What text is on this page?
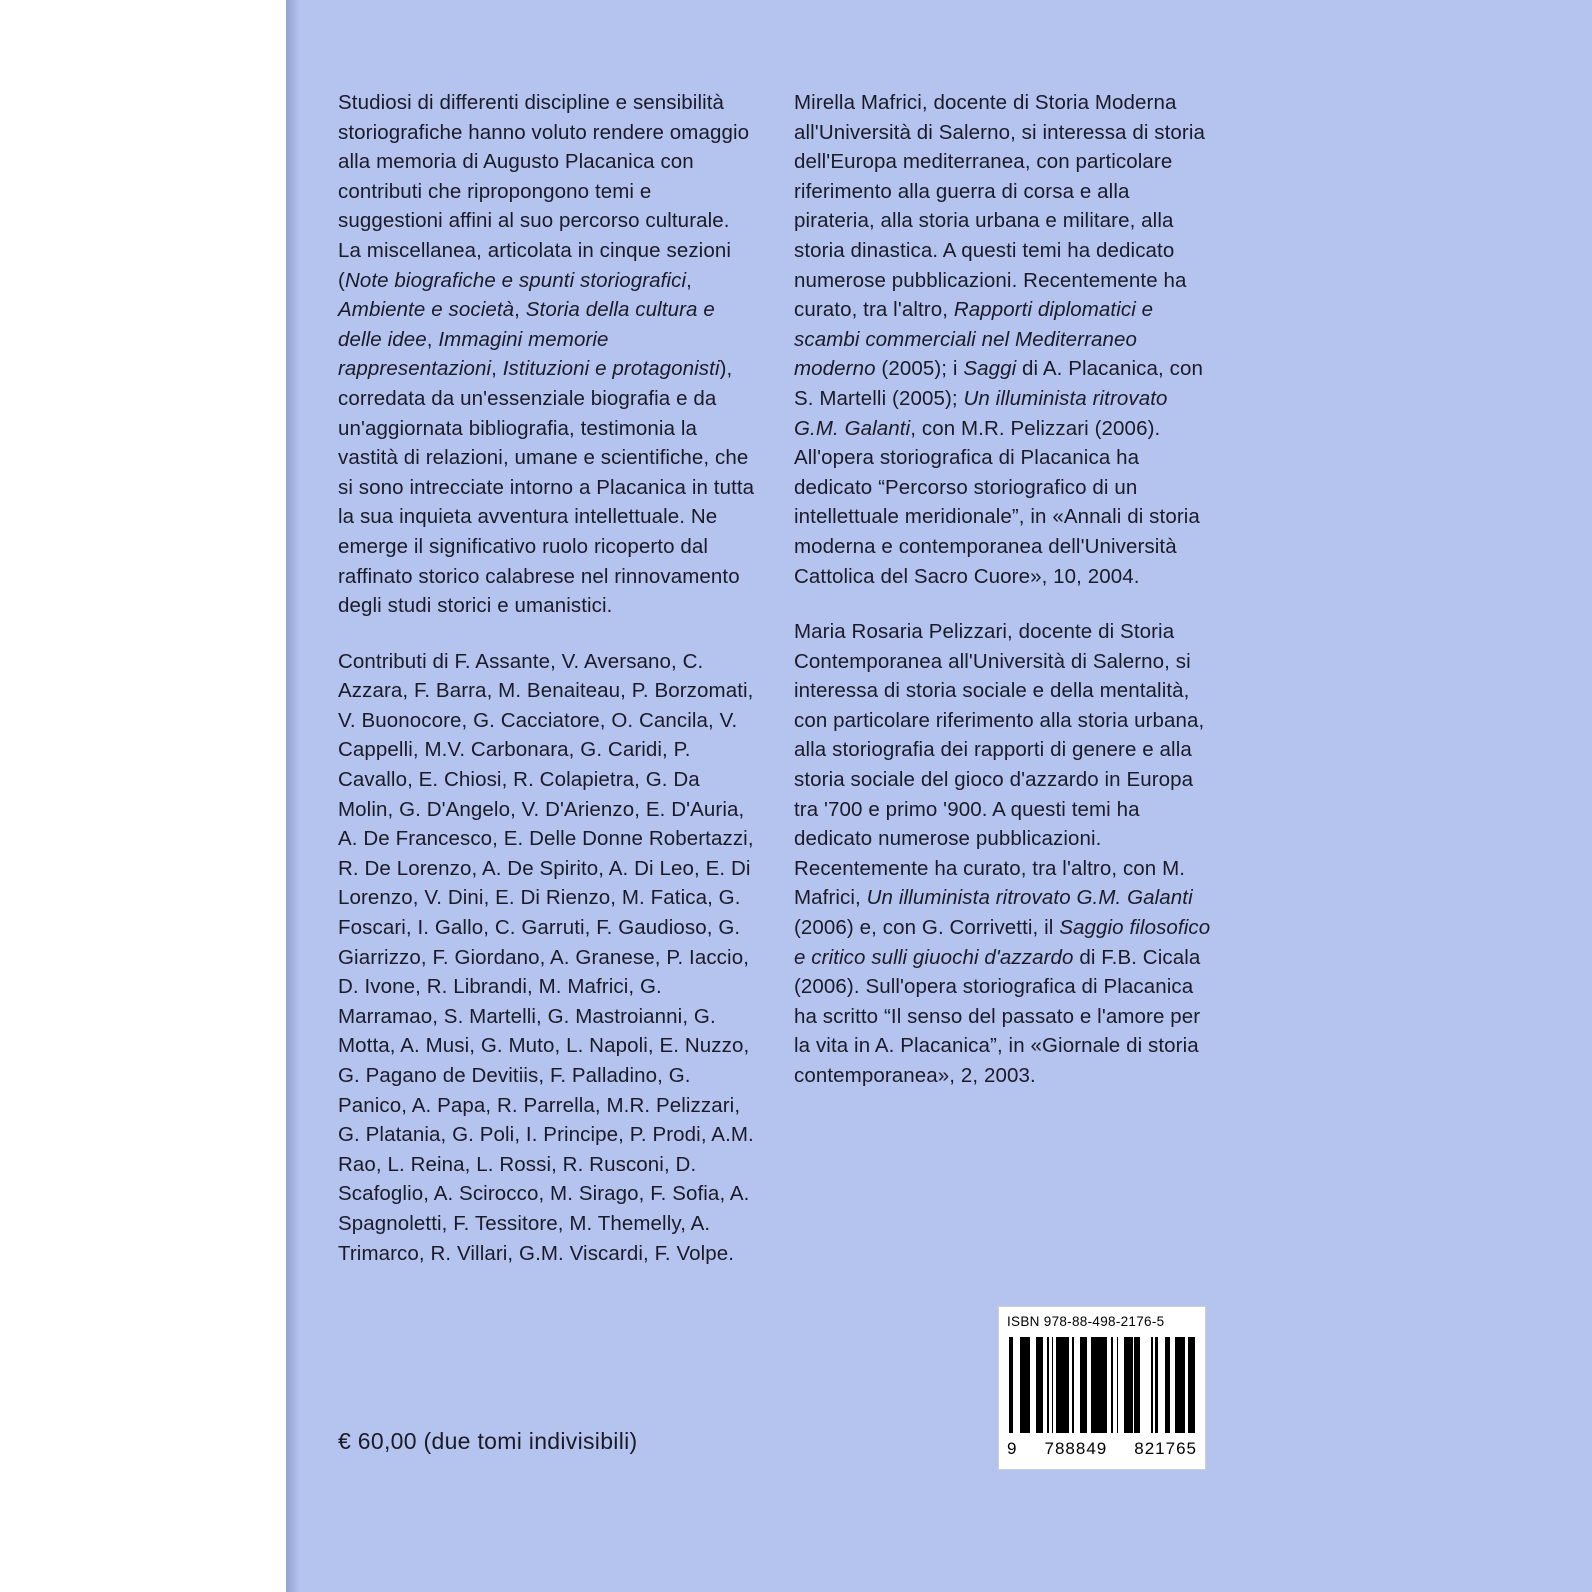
Studiosi di differenti discipline e sensibilità storiografiche hanno voluto rendere omaggio alla memoria di Augusto Placanica con contributi che ripropongono temi e suggestioni affini al suo percorso culturale. La miscellanea, articolata in cinque sezioni (Note biografiche e spunti storiografici, Ambiente e società, Storia della cultura e delle idee, Immagini memorie rappresentazioni, Istituzioni e protagonisti), corredata da un'essenziale biografia e da un'aggiornata bibliografia, testimonia la vastità di relazioni, umane e scientifiche, che si sono intrecciate intorno a Placanica in tutta la sua inquieta avventura intellettuale. Ne emerge il significativo ruolo ricoperto dal raffinato storico calabrese nel rinnovamento degli studi storici e umanistici.

Contributi di F. Assante, V. Aversano, C. Azzara, F. Barra, M. Benaiteau, P. Borzomati, V. Buonocore, G. Cacciatore, O. Cancila, V. Cappelli, M.V. Carbonara, G. Caridi, P. Cavallo, E. Chiosi, R. Colapietra, G. Da Molin, G. D'Angelo, V. D'Arienzo, E. D'Auria, A. De Francesco, E. Delle Donne Robertazzi, R. De Lorenzo, A. De Spirito, A. Di Leo, E. Di Lorenzo, V. Dini, E. Di Rienzo, M. Fatica, G. Foscari, I. Gallo, C. Garruti, F. Gaudioso, G. Giarrizzo, F. Giordano, A. Granese, P. Iaccio, D. Ivone, R. Librandi, M. Mafrici, G. Marramao, S. Martelli, G. Mastroianni, G. Motta, A. Musi, G. Muto, L. Napoli, E. Nuzzo, G. Pagano de Devitiis, F. Palladino, G. Panico, A. Papa, R. Parrella, M.R. Pelizzari, G. Platania, G. Poli, I. Principe, P. Prodi, A.M. Rao, L. Reina, L. Rossi, R. Rusconi, D. Scafoglio, A. Scirocco, M. Sirago, F. Sofia, A. Spagnoletti, F. Tessitore, M. Themelly, A. Trimarco, R. Villari, G.M. Viscardi, F. Volpe.

Mirella Mafrici, docente di Storia Moderna all'Università di Salerno, si interessa di storia dell'Europa mediterranea, con particolare riferimento alla guerra di corsa e alla pirateria, alla storia urbana e militare, alla storia dinastica. A questi temi ha dedicato numerose pubblicazioni. Recentemente ha curato, tra l'altro, Rapporti diplomatici e scambi commerciali nel Mediterraneo moderno (2005); i Saggi di A. Placanica, con S. Martelli (2005); Un illuminista ritrovato G.M. Galanti, con M.R. Pelizzari (2006). All'opera storiografica di Placanica ha dedicato “Percorso storiografico di un intellettuale meridionale”, in «Annali di storia moderna e contemporanea dell'Università Cattolica del Sacro Cuore», 10, 2004.

Maria Rosaria Pelizzari, docente di Storia Contemporanea all'Università di Salerno, si interessa di storia sociale e della mentalità, con particolare riferimento alla storia urbana, alla storiografia dei rapporti di genere e alla storia sociale del gioco d'azzardo in Europa tra '700 e primo '900. A questi temi ha dedicato numerose pubblicazioni. Recentemente ha curato, tra l'altro, con M. Mafrici, Un illuminista ritrovato G.M. Galanti (2006) e, con G. Corrivetti, il Saggio filosofico e critico sulli giuochi d'azzardo di F.B. Cicala (2006). Sull'opera storiografica di Placanica ha scritto “Il senso del passato e l'amore per la vita in A. Placanica”, in «Giornale di storia contemporanea», 2, 2003.

€ 60,00 (due tomi indivisibili)
ISBN 978-88-498-2176-5
9 788849 821765
